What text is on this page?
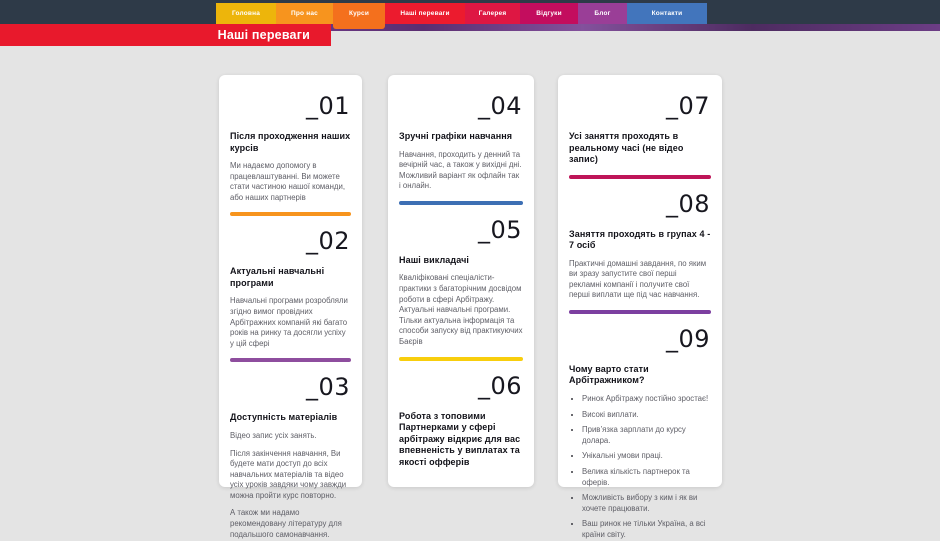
Головна	Про нас	Курси	Наші переваги	Галерея	Відгуки	Блог	Контакти
Наші переваги
_01
Після проходження наших курсів

Ми надаємо допомогу в працевлаштуванні. Ви можете стати частиною нашої команди, або наших партнерів

_02
Актуальні навчальні програми

Навчальні програми розробляли згідно вимог провідних Арбітражних компаній які багато років на ринку та досягли успіху у цій сфері

_03
Доступність матеріалів

Відео запис усіх занять.

Після закінчення навчання, Ви будете мати доступ до всіх навчальних матеріалів та відео усіх уроків завдяки чому завжди можна пройти курс повторно.

А також ми надамо рекомендовану літературу для подальшого самонавчання.

_04
Зручні графіки навчання

Навчання, проходить у денний та вечірній час, а також у вихідні дні. Можливий варіант як офлайн так і онлайн.

_05
Наші викладачі

Кваліфіковані спеціалісти-практики з багаторічним досвідом роботи в сфері Арбітражу. Актуальні навчальні програми. Тільки актуальна інформація та способи запуску від практикуючих Баєрів

_06
Робота з топовими Партнерками у сфері арбітражу відкриє для вас впевненість у виплатах та якості офферів
_07
Усі заняття проходять в реальному часі (не відео запис)
_08
Заняття проходять в групах 4 - 7 осіб

Практичні домашні завдання, по яким ви зразу запустите свої перші рекламні компанії і получите свої перші виплати ще під час навчання.

_09
Чому варто стати Арбітражником?
• Ринок Арбітражу постійно зростає!
• Високі виплати.
• Прив’язка зарплати до курсу долара.
• Унікальні умови праці.
• Велика кількість партнерок та оферів.
• Можливість вибору з ким і як ви хочете працювати.
• Ваш ринок не тільки Україна, а всі країни світу.
